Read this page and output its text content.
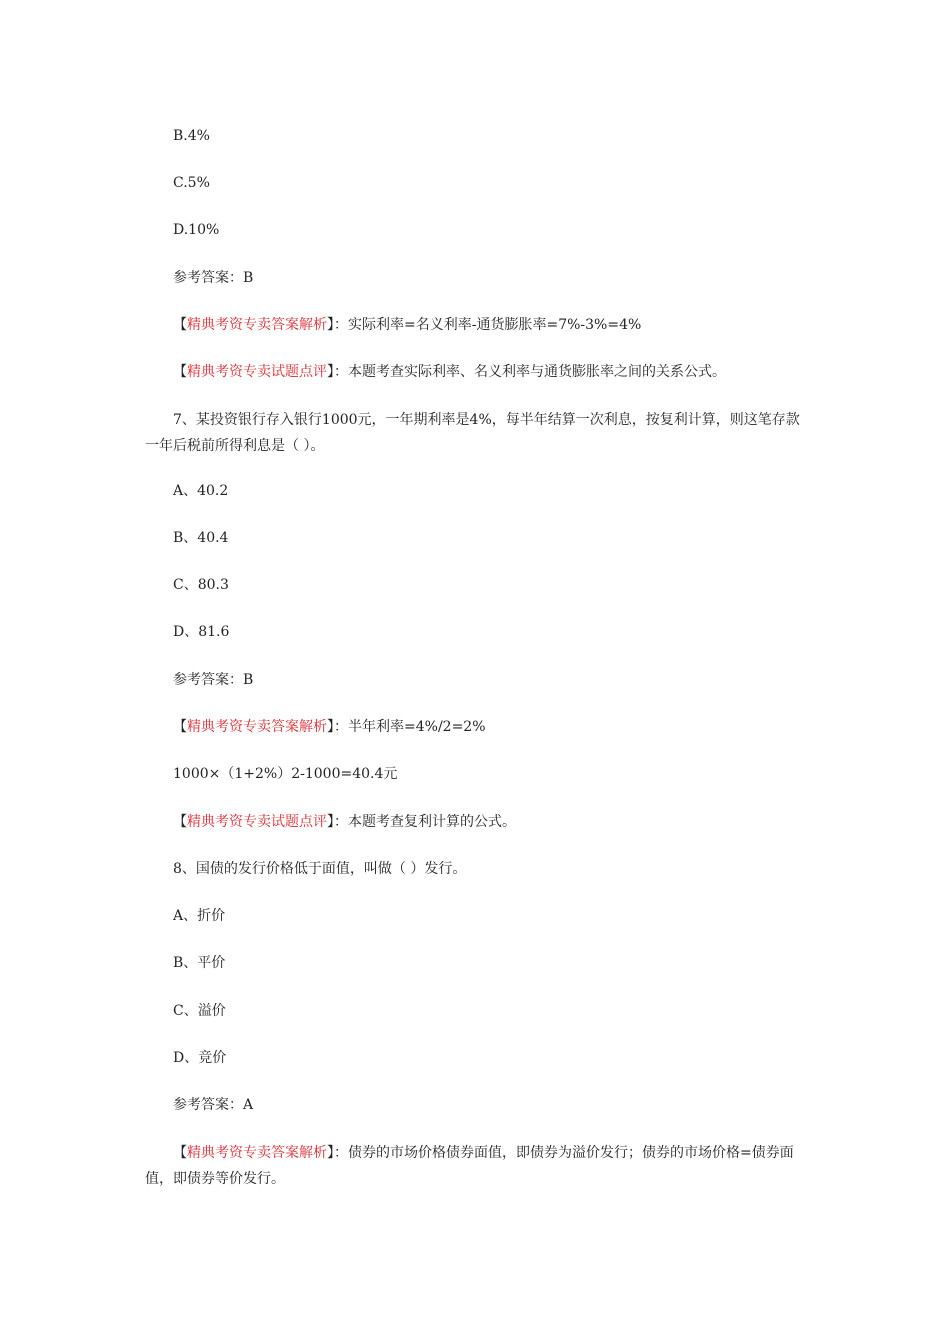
B.4%
C.5%
D.10%
参考答案：B
【精典考资专卖答案解析】：实际利率=名义利率-通货膨胀率=7%-3%=4%
【精典考资专卖试题点评】：本题考查实际利率、名义利率与通货膨胀率之间的关系公式。
7、某投资银行存入银行1000元，一年期利率是4%，每半年结算一次利息，按复利计算，则这笔存款一年后税前所得利息是（ ）。
A、40.2
B、40.4
C、80.3
D、81.6
参考答案：B
【精典考资专卖答案解析】：半年利率=4%/2=2%
1000×（1+2%）2-1000=40.4元
【精典考资专卖试题点评】：本题考查复利计算的公式。
8、国债的发行价格低于面值，叫做（ ）发行。
A、折价
B、平价
C、溢价
D、竞价
参考答案：A
【精典考资专卖答案解析】：债券的市场价格债券面值，即债券为溢价发行；债券的市场价格=债券面值，即债券等价发行。
